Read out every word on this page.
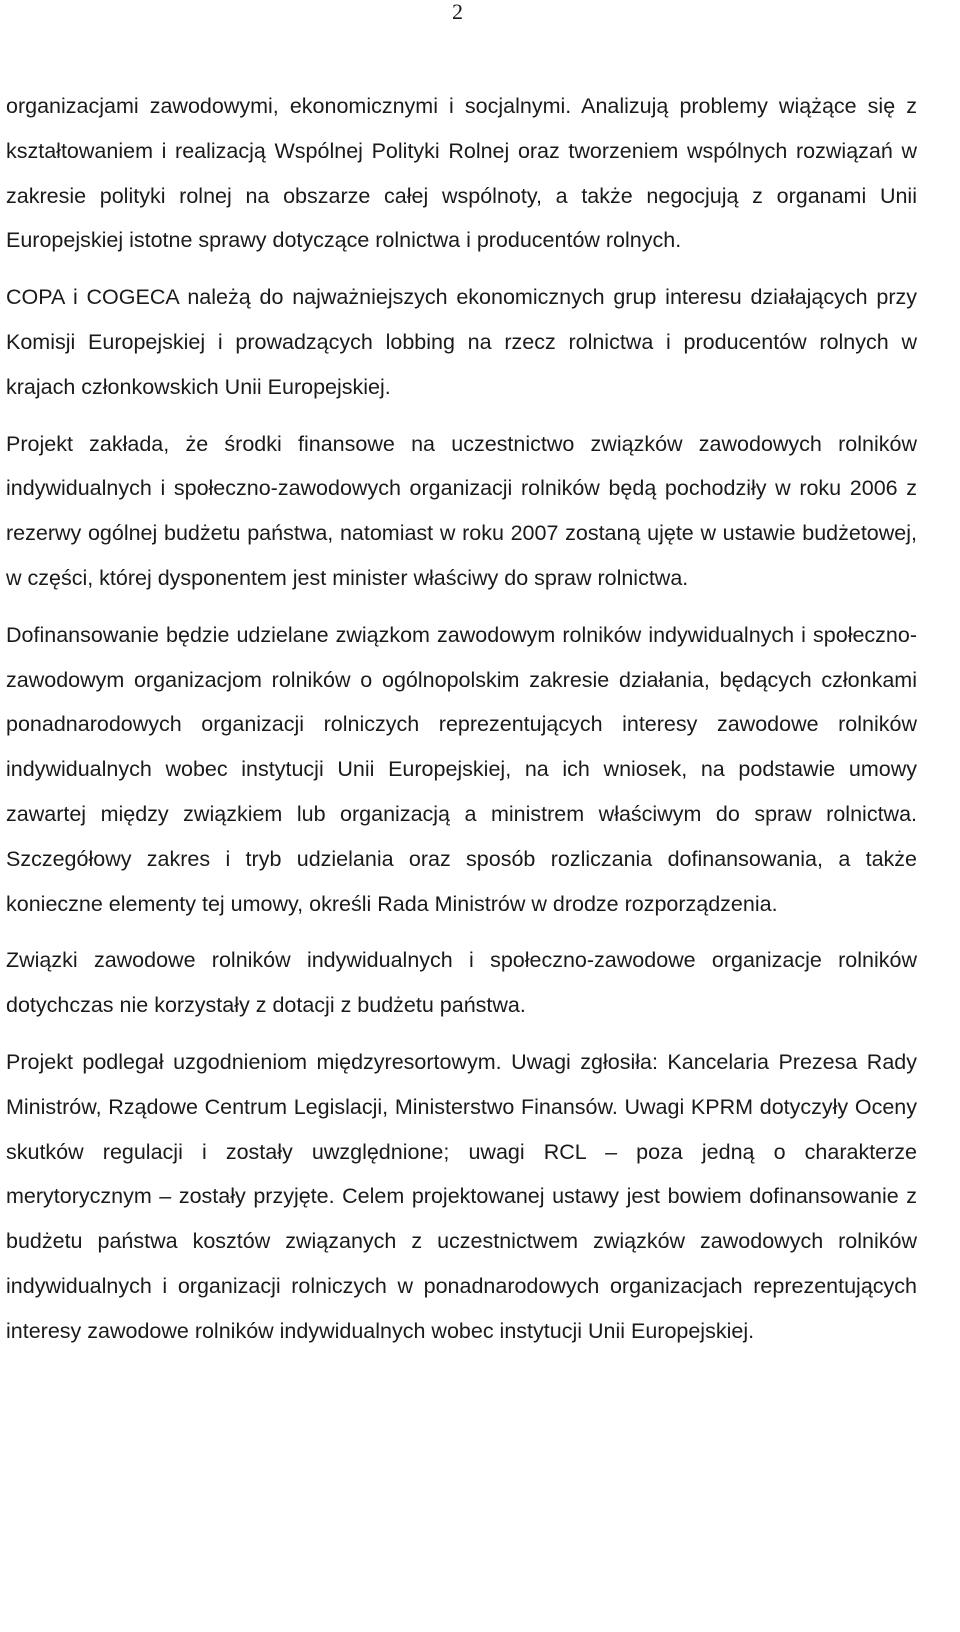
2

organizacjami zawodowymi, ekonomicznymi i socjalnymi. Analizują problemy wiążące się z kształtowaniem i realizacją Wspólnej Polityki Rolnej oraz tworzeniem wspólnych rozwiązań w zakresie polityki rolnej na obszarze całej wspólnoty, a także negocjują z organami Unii Europejskiej istotne sprawy dotyczące rolnictwa i producentów rolnych.

COPA i COGECA należą do najważniejszych ekonomicznych grup interesu działających przy Komisji Europejskiej i prowadzących lobbing na rzecz rolnictwa i producentów rolnych w krajach członkowskich Unii Europejskiej.

Projekt zakłada, że środki finansowe na uczestnictwo związków zawodowych rolników indywidualnych i społeczno-zawodowych organizacji rolników będą pochodziły w roku 2006 z rezerwy ogólnej budżetu państwa, natomiast w roku 2007 zostaną ujęte w ustawie budżetowej, w części, której dysponentem jest minister właściwy do spraw rolnictwa.

Dofinansowanie będzie udzielane związkom zawodowym rolników indywidualnych i społeczno-zawodowym organizacjom rolników o ogólnopolskim zakresie działania, będących członkami ponadnarodowych organizacji rolniczych reprezentujących interesy zawodowe rolników indywidualnych wobec instytucji Unii Europejskiej, na ich wniosek, na podstawie umowy zawartej między związkiem lub organizacją a ministrem właściwym do spraw rolnictwa. Szczegółowy zakres i tryb udzielania oraz sposób rozliczania dofinansowania, a także konieczne elementy tej umowy, określi Rada Ministrów w drodze rozporządzenia.

Związki zawodowe rolników indywidualnych i społeczno-zawodowe organizacje rolników dotychczas nie korzystały z dotacji z budżetu państwa.

Projekt podlegał uzgodnieniom międzyresortowym. Uwagi zgłosiła: Kancelaria Prezesa Rady Ministrów, Rządowe Centrum Legislacji, Ministerstwo Finansów. Uwagi KPRM dotyczyły Oceny skutków regulacji i zostały uwzględnione; uwagi RCL – poza jedną o charakterze merytorycznym – zostały przyjęte. Celem projektowanej ustawy jest bowiem dofinansowanie z budżetu państwa kosztów związanych z uczestnictwem związków zawodowych rolników indywidualnych i organizacji rolniczych w ponadnarodowych organizacjach reprezentujących interesy zawodowe rolników indywidualnych wobec instytucji Unii Europejskiej.
